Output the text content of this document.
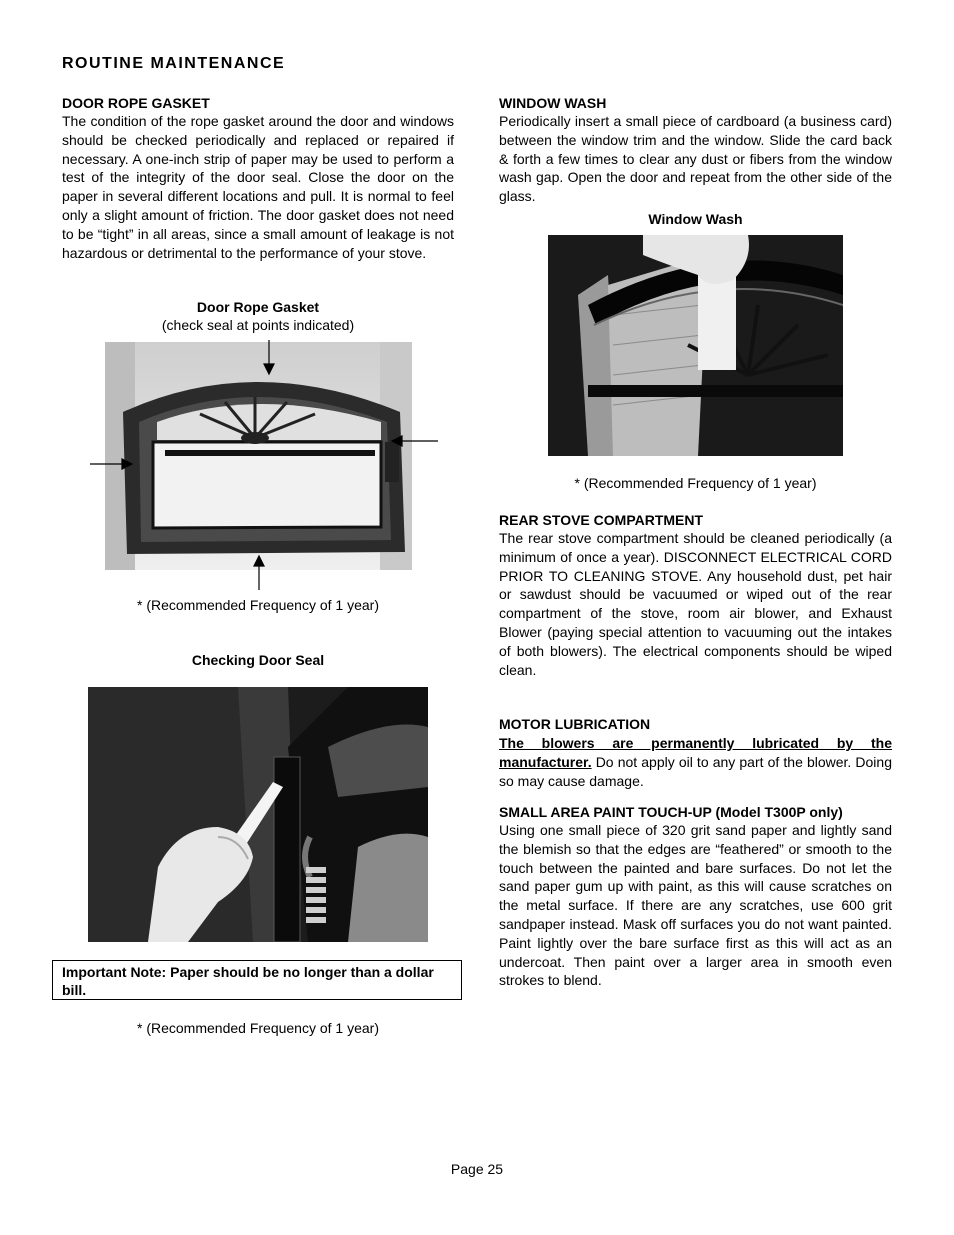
ROUTINE MAINTENANCE
DOOR ROPE GASKET
The condition of the rope gasket around the door and windows should be checked periodically and replaced or repaired if necessary. A one-inch strip of paper may be used to perform a test of the integrity of the door seal. Close the door on the paper in several different locations and pull. It is normal to feel only a slight amount of friction. The door gasket does not need to be “tight” in all areas, since a small amount of leakage is not hazardous or detrimental to the performance of your stove.
Door Rope Gasket
(check seal at points indicated)
* (Recommended Frequency of 1 year)
Checking Door Seal
Important Note: Paper should be no longer than a dollar bill.
* (Recommended Frequency of 1 year)
WINDOW WASH
Periodically insert a small piece of cardboard (a business card) between the window trim and the window. Slide the card back & forth a few times to clear any dust or fibers from the window wash gap. Open the door and repeat from the other side of the glass.
Window Wash
* (Recommended Frequency of 1 year)
REAR STOVE COMPARTMENT
The rear stove compartment should be cleaned periodically (a minimum of once a year). DISCONNECT ELECTRICAL CORD PRIOR TO CLEANING STOVE. Any household dust, pet hair or sawdust should be vacuumed or wiped out of the rear compartment of the stove, room air blower, and Exhaust Blower (paying special attention to vacuuming out the intakes of both blowers). The electrical components should be wiped clean.
MOTOR LUBRICATION
The blowers are permanently lubricated by the manufacturer. Do not apply oil to any part of the blower. Doing so may cause damage.
SMALL AREA PAINT TOUCH-UP (Model T300P only)
Using one small piece of 320 grit sand paper and lightly sand the blemish so that the edges are “feathered” or smooth to the touch between the painted and bare surfaces. Do not let the sand paper gum up with paint, as this will cause scratches on the metal surface. If there are any scratches, use 600 grit sandpaper instead. Mask off surfaces you do not want painted. Paint lightly over the bare surface first as this will act as an undercoat. Then paint over a larger area in smooth even strokes to blend.
Page 25
